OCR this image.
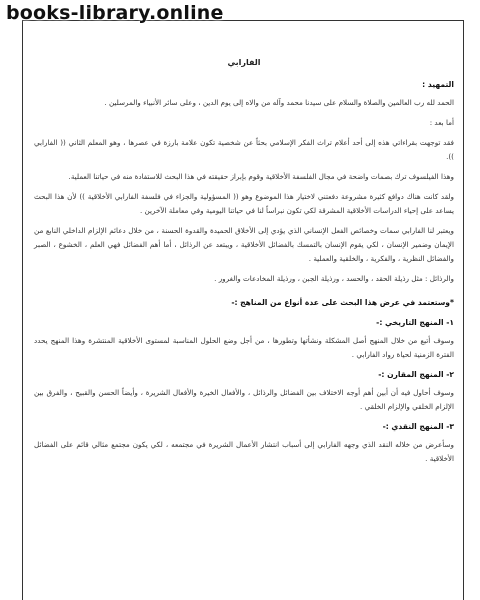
books-library.online
الفارابي
التمهيد :

الحمد لله رب العالمين والصلاة والسلام على سيدنا محمد وآله من والاه إلى يوم الدين ، وعلى سائر الأنبياء والمرسلين .

أما بعد :

فقد توجهت بقراءاتي هذه إلى أحد أعلام تراث الفكر الإسلامي بحثاً عن شخصية تكون علامة بارزة في عصرها ، وهو المعلم الثاني (( الفارابي )).

وهذا الفيلسوف ترك بصمات واضحة في مجال الفلسفة الأخلاقية وقوم بإبراز حقيقته في هذا البحث للاستفادة منه في حياتنا العملية.

ولقد كانت هناك دوافع كثيرة مشروعة دفعتني لاختيار هذا الموضوع وهو (( المسؤولية والجزاء في فلسفة الفارابي الأخلاقية )) لأن هذا البحث يساعد على إحياء الدراسات الأخلاقية المشرقة لكي تكون نبراساً لنا في حياتنا اليومية وفي معاملة الآخرين .

ويعتبر لنا الفارابي سمات وخصائص الفعل الإنساني الذي يؤدي إلى الأخلاق الحميدة والقدوة الحسنة ، من خلال دعائم الإلزام الداخلي النابع من الإيمان وضمير الإنسان ، لكي يقوم الإنسان بالتمسك بالفضائل الأخلاقية ، ويبتعد عن الرذائل ، أما أهم الفضائل فهي العلم ، الخشوع ، الصبر والفضائل النظرية ، والفكرية ، والخلقية والعملية .

والرذائل : مثل رذيلة الحقد ، والحسد ، ورذيلة الجبن ، ورذيلة المخادعات والغرور .

*وستعتمد في عرض هذا البحث على عدة أنواع من المناهج :-
١- المنهج التاريخي :-

وسوف أتبع من خلال المنهج أصل المشكلة ونشأتها وتطورها ، من أجل وضع الحلول المناسبة لمستوى الأخلاقية المنتشرة وهذا المنهج يحدد الفترة الزمنية لحياة رواد الفارابي .

٢- المنهج المقارن :-

وسوف أحاول فيه أن أبين أهم أوجه الاختلاف بين الفضائل والرذائل ، والأفعال الخيرة والأفعال الشريرة ، وأيضاً الحسن والقبيح ، والفرق بين الإلزام الخلقي والإلزام الخلقي .

٣- المنهج النقدي :-

وسأعرض من خلاله النقد الذي وجهه الفارابي إلى أسباب انتشار الأعمال الشريرة في مجتمعه ، لكي يكون مجتمع مثالي قائم على الفضائل الأخلاقية .
